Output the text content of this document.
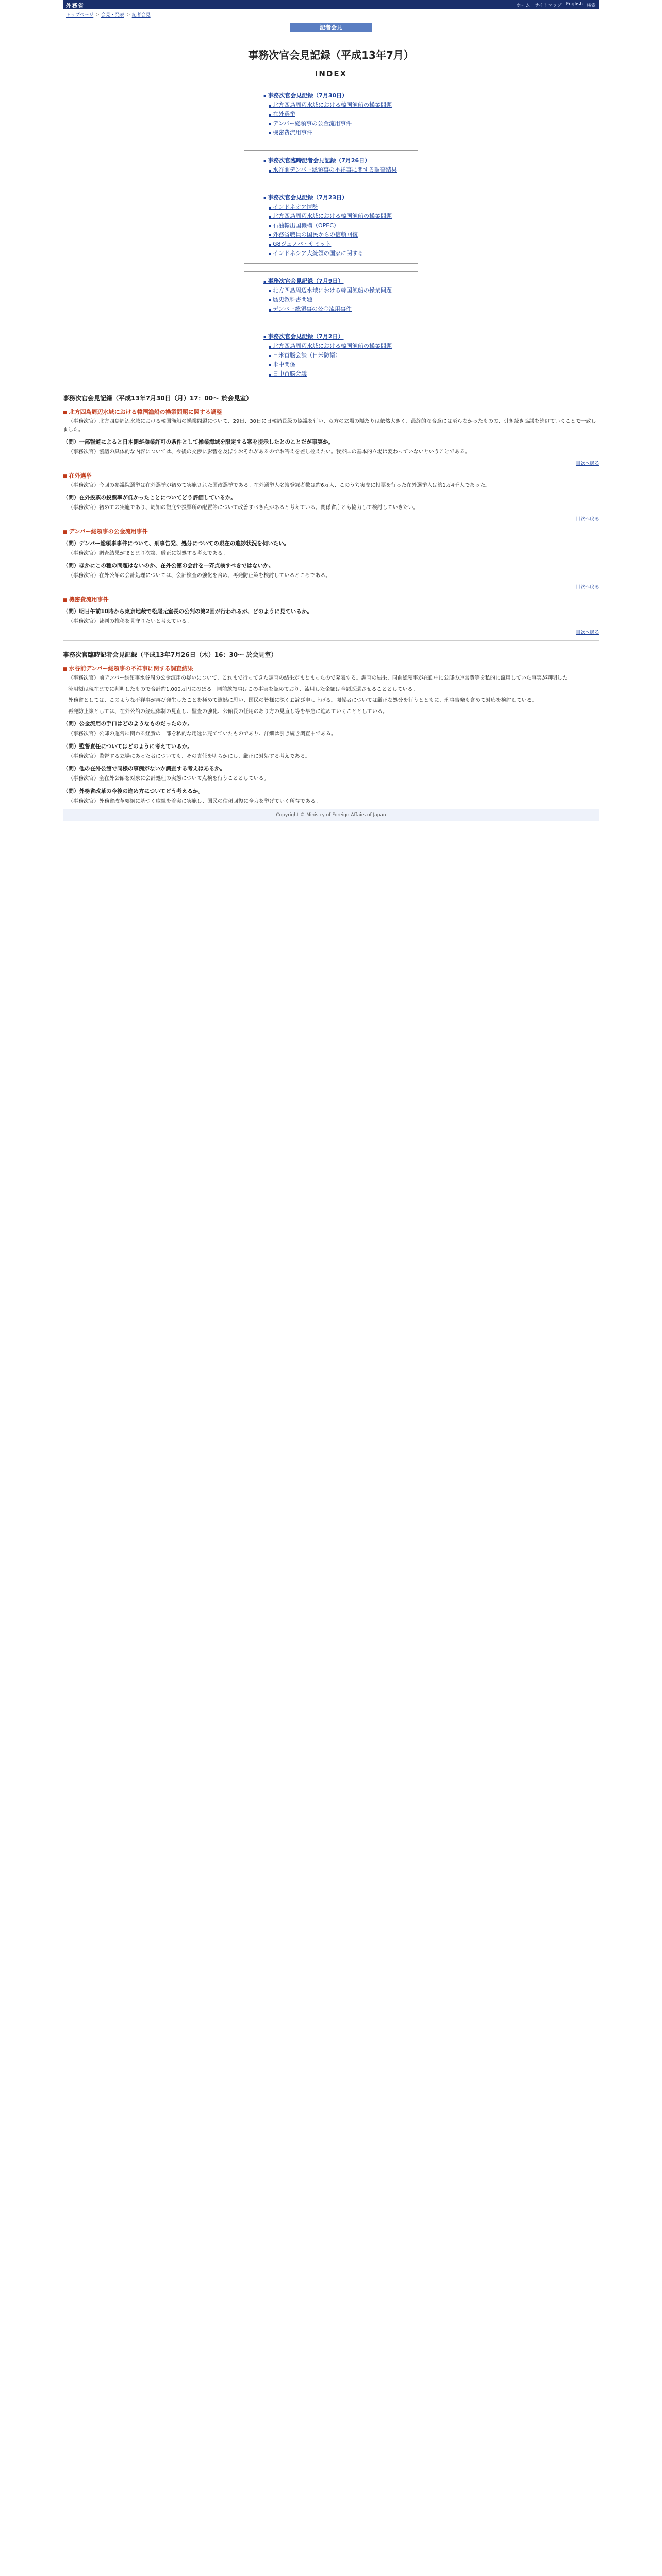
外務省	ホーム サイトマップ English 検索
トップページ ＞ 会見・発表 ＞ 記者会見
記者会見
事務次官会見記録（平成13年7月）
INDEX
▪ 事務次官会見記録（7月30日）
▪ 北方四島周辺水域における韓国漁船の操業問題
▪ 在外選挙
▪ デンバー総領事の公金流用事件
▪ 機密費流用事件
▪ 事務次官臨時記者会見記録（7月26日）
▪ 水谷前デンバー総領事の不祥事に関する調査結果
▪ 事務次官会見記録（7月23日）
▪ インドネオア情勢
▪ 北方四島周辺水域における韓国漁船の操業問題
▪ 石油輸出国機構（OPEC）
▪ 外務省職員の国民からの信頼回復
▪ G8ジェノバ・サミット
▪ インドネシア大統領の国家に関する
▪ 事務次官会見記録（7月9日）
▪ 北方四島周辺水域における韓国漁船の操業問題
▪ 歴史教科書問題
▪ デンバー総領事の公金流用事件
▪ 事務次官会見記録（7月2日）
▪ 北方四島周辺水域における韓国漁船の操業問題
▪ 日米首脳会談（日米防衛）
▪ 米中関係
▪ 日中首脳会議
事務次官会見記録（平成13年7月30日（月）17：00〜 於会見室）
■ 北方四島周辺水域における韓国漁船の操業問題に関する調整
（事務次官）北方四島周辺水域における韓国漁船の操業問題について、29日、30日に日韓局長級の協議を行い、双方の立場の隔たりは依然大きく、最終的な合意には至らなかったものの、引き続き協議を続けていくことで一致しました。
（問）一部報道によると日本側が操業許可の条件として操業海域を限定する案を提示したとのことだが事実か。
（事務次官）協議の具体的な内容については、今後の交渉に影響を及ぼすおそれがあるのでお答えを差し控えたい。我が国の基本的立場は変わっていないということである。
目次へ戻る
■ 在外選挙
（事務次官）今回の参議院選挙は在外選挙が初めて実施された国政選挙である。在外選挙人名簿登録者数は約6万人、このうち実際に投票を行った在外選挙人は約1万4千人であった。
（問）在外投票の投票率が低かったことについてどう評価しているか。
（事務次官）初めての実施であり、周知の徹底や投票所の配置等について改善すべき点があると考えている。関係省庁とも協力して検討していきたい。
目次へ戻る
■ デンバー総領事の公金流用事件
（問）デンバー総領事事件について、刑事告発、処分についての現在の進捗状況を伺いたい。
（事務次官）調査結果がまとまり次第、厳正に対処する考えである。
（問）ほかにこの種の問題はないのか、在外公館の会計を一斉点検すべきではないか。
（事務次官）在外公館の会計処理については、会計検査の強化を含め、再発防止策を検討しているところである。
目次へ戻る
■ 機密費流用事件
（問）明日午前10時から東京地裁で松尾元室長の公判の第2回が行われるが、どのように見ているか。
（事務次官）裁判の推移を見守りたいと考えている。
目次へ戻る
事務次官臨時記者会見記録（平成13年7月26日（木）16：30〜 於会見室）
■ 水谷前デンバー総領事の不祥事に関する調査結果
（事務次官）前デンバー総領事水谷周の公金流用の疑いについて、これまで行ってきた調査の結果がまとまったので発表する。調査の結果、同前総領事が在勤中に公邸の運営費等を私的に流用していた事実が判明した。
流用額は現在までに判明したもので合計約1,000万円にのぼる。同前総領事はこの事実を認めており、流用した金額は全額返還させることとしている。
外務省としては、このような不祥事が再び発生したことを極めて遺憾に思い、国民の皆様に深くお詫び申し上げる。関係者については厳正な処分を行うとともに、刑事告発も含めて対応を検討している。
再発防止策としては、在外公館の経理体制の見直し、監査の強化、公館長の任用のあり方の見直し等を早急に進めていくこととしている。
（問）公金流用の手口はどのようなものだったのか。
（事務次官）公邸の運営に関わる経費の一部を私的な用途に充てていたものであり、詳細は引き続き調査中である。
（問）監督責任についてはどのように考えているか。
（事務次官）監督する立場にあった者についても、その責任を明らかにし、厳正に対処する考えである。
（問）他の在外公館で同様の事例がないか調査する考えはあるか。
（事務次官）全在外公館を対象に会計処理の実態について点検を行うこととしている。
（問）外務省改革の今後の進め方についてどう考えるか。
（事務次官）外務省改革要綱に基づく取組を着実に実施し、国民の信頼回復に全力を挙げていく所存である。
Copyright © Ministry of Foreign Affairs of Japan
